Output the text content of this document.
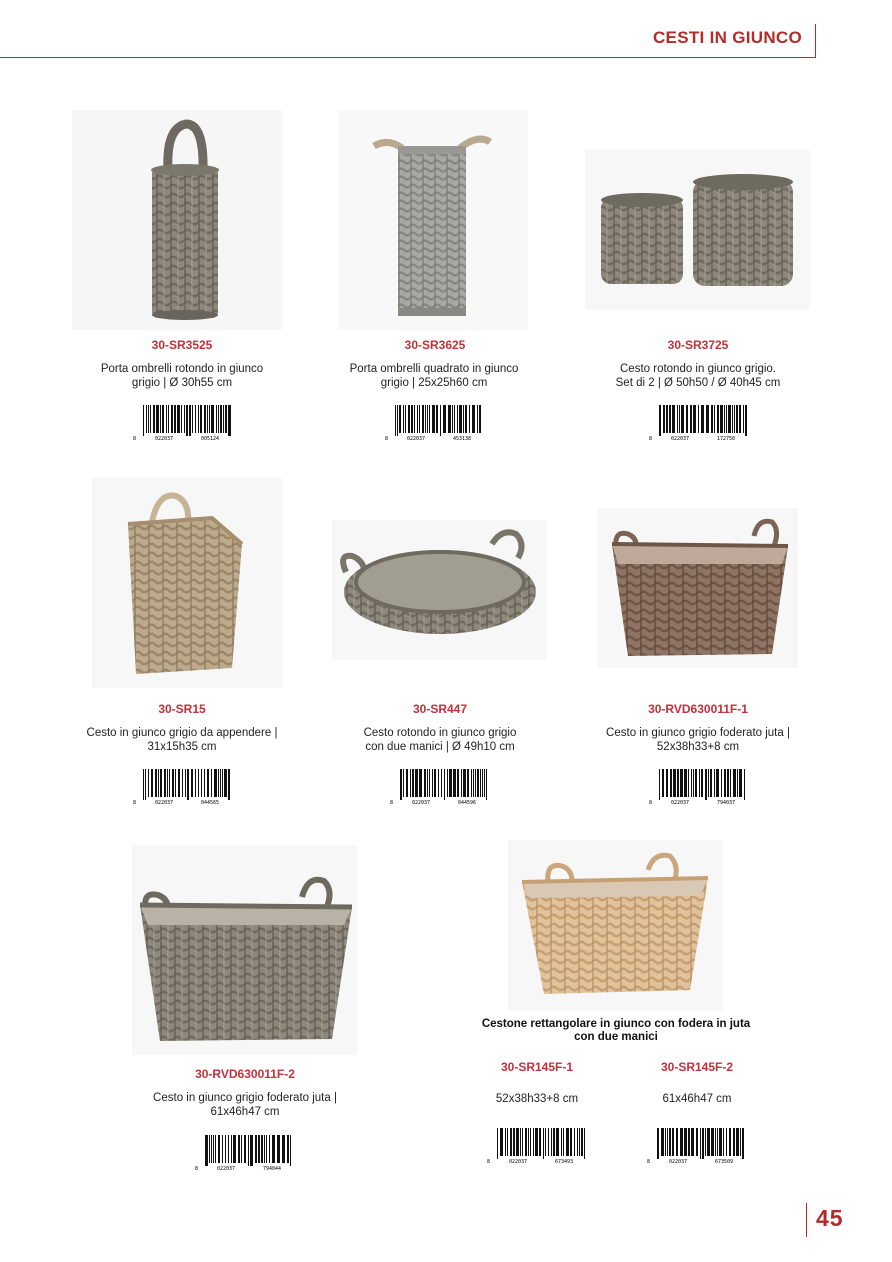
CESTI IN GIUNCO
30-SR3525
Porta ombrelli rotondo in giunco
grigio | Ø 30h55 cm
8	022037	005124
30-SR3625
Porta ombrelli quadrato in giunco
grigio | 25x25h60 cm
8	022037	453138
30-SR3725
Cesto rotondo in giunco grigio.
Set di 2 | Ø 50h50 / Ø 40h45 cm
8	022037	172750
30-SR15
Cesto in giunco grigio da appendere |
31x15h35 cm
8	022037	044565
30-SR447
Cesto rotondo in giunco grigio
con due manici | Ø 49h10 cm
8	022037	044596
30-RVD630011F-1
Cesto in giunco grigio foderato juta |
52x38h33+8 cm
8	022037	794037
30-RVD630011F-2
Cesto in giunco grigio foderato juta |
61x46h47 cm
8	022037	794044
Cestone rettangolare in giunco con fodera in juta
con due manici
30-SR145F-1
52x38h33+8 cm
8	022037	673493
30-SR145F-2
61x46h47 cm
8	022037	673509
45
